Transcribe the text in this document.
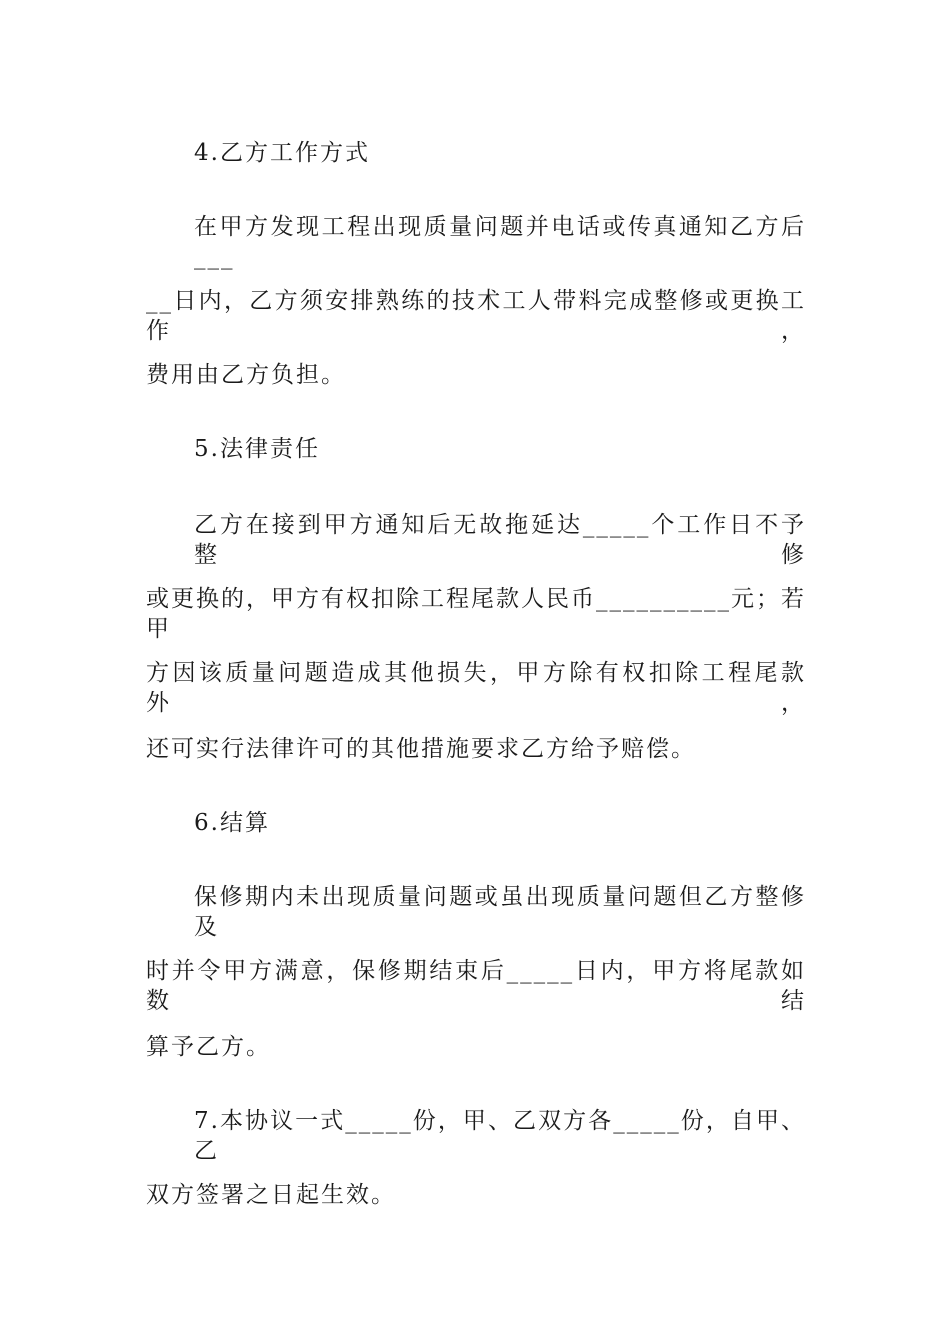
4.乙方工作方式
在甲方发现工程出现质量问题并电话或传真通知乙方后___
__日内，乙方须安排熟练的技术工人带料完成整修或更换工作，
费用由乙方负担。
5.法律责任
乙方在接到甲方通知后无故拖延达_____个工作日不予整修
或更换的，甲方有权扣除工程尾款人民币__________元；若甲
方因该质量问题造成其他损失，甲方除有权扣除工程尾款外，
还可实行法律许可的其他措施要求乙方给予赔偿。
6.结算
保修期内未出现质量问题或虽出现质量问题但乙方整修及
时并令甲方满意，保修期结束后_____日内，甲方将尾款如数结
算予乙方。
7.本协议一式_____份，甲、乙双方各_____份，自甲、乙
双方签署之日起生效。
